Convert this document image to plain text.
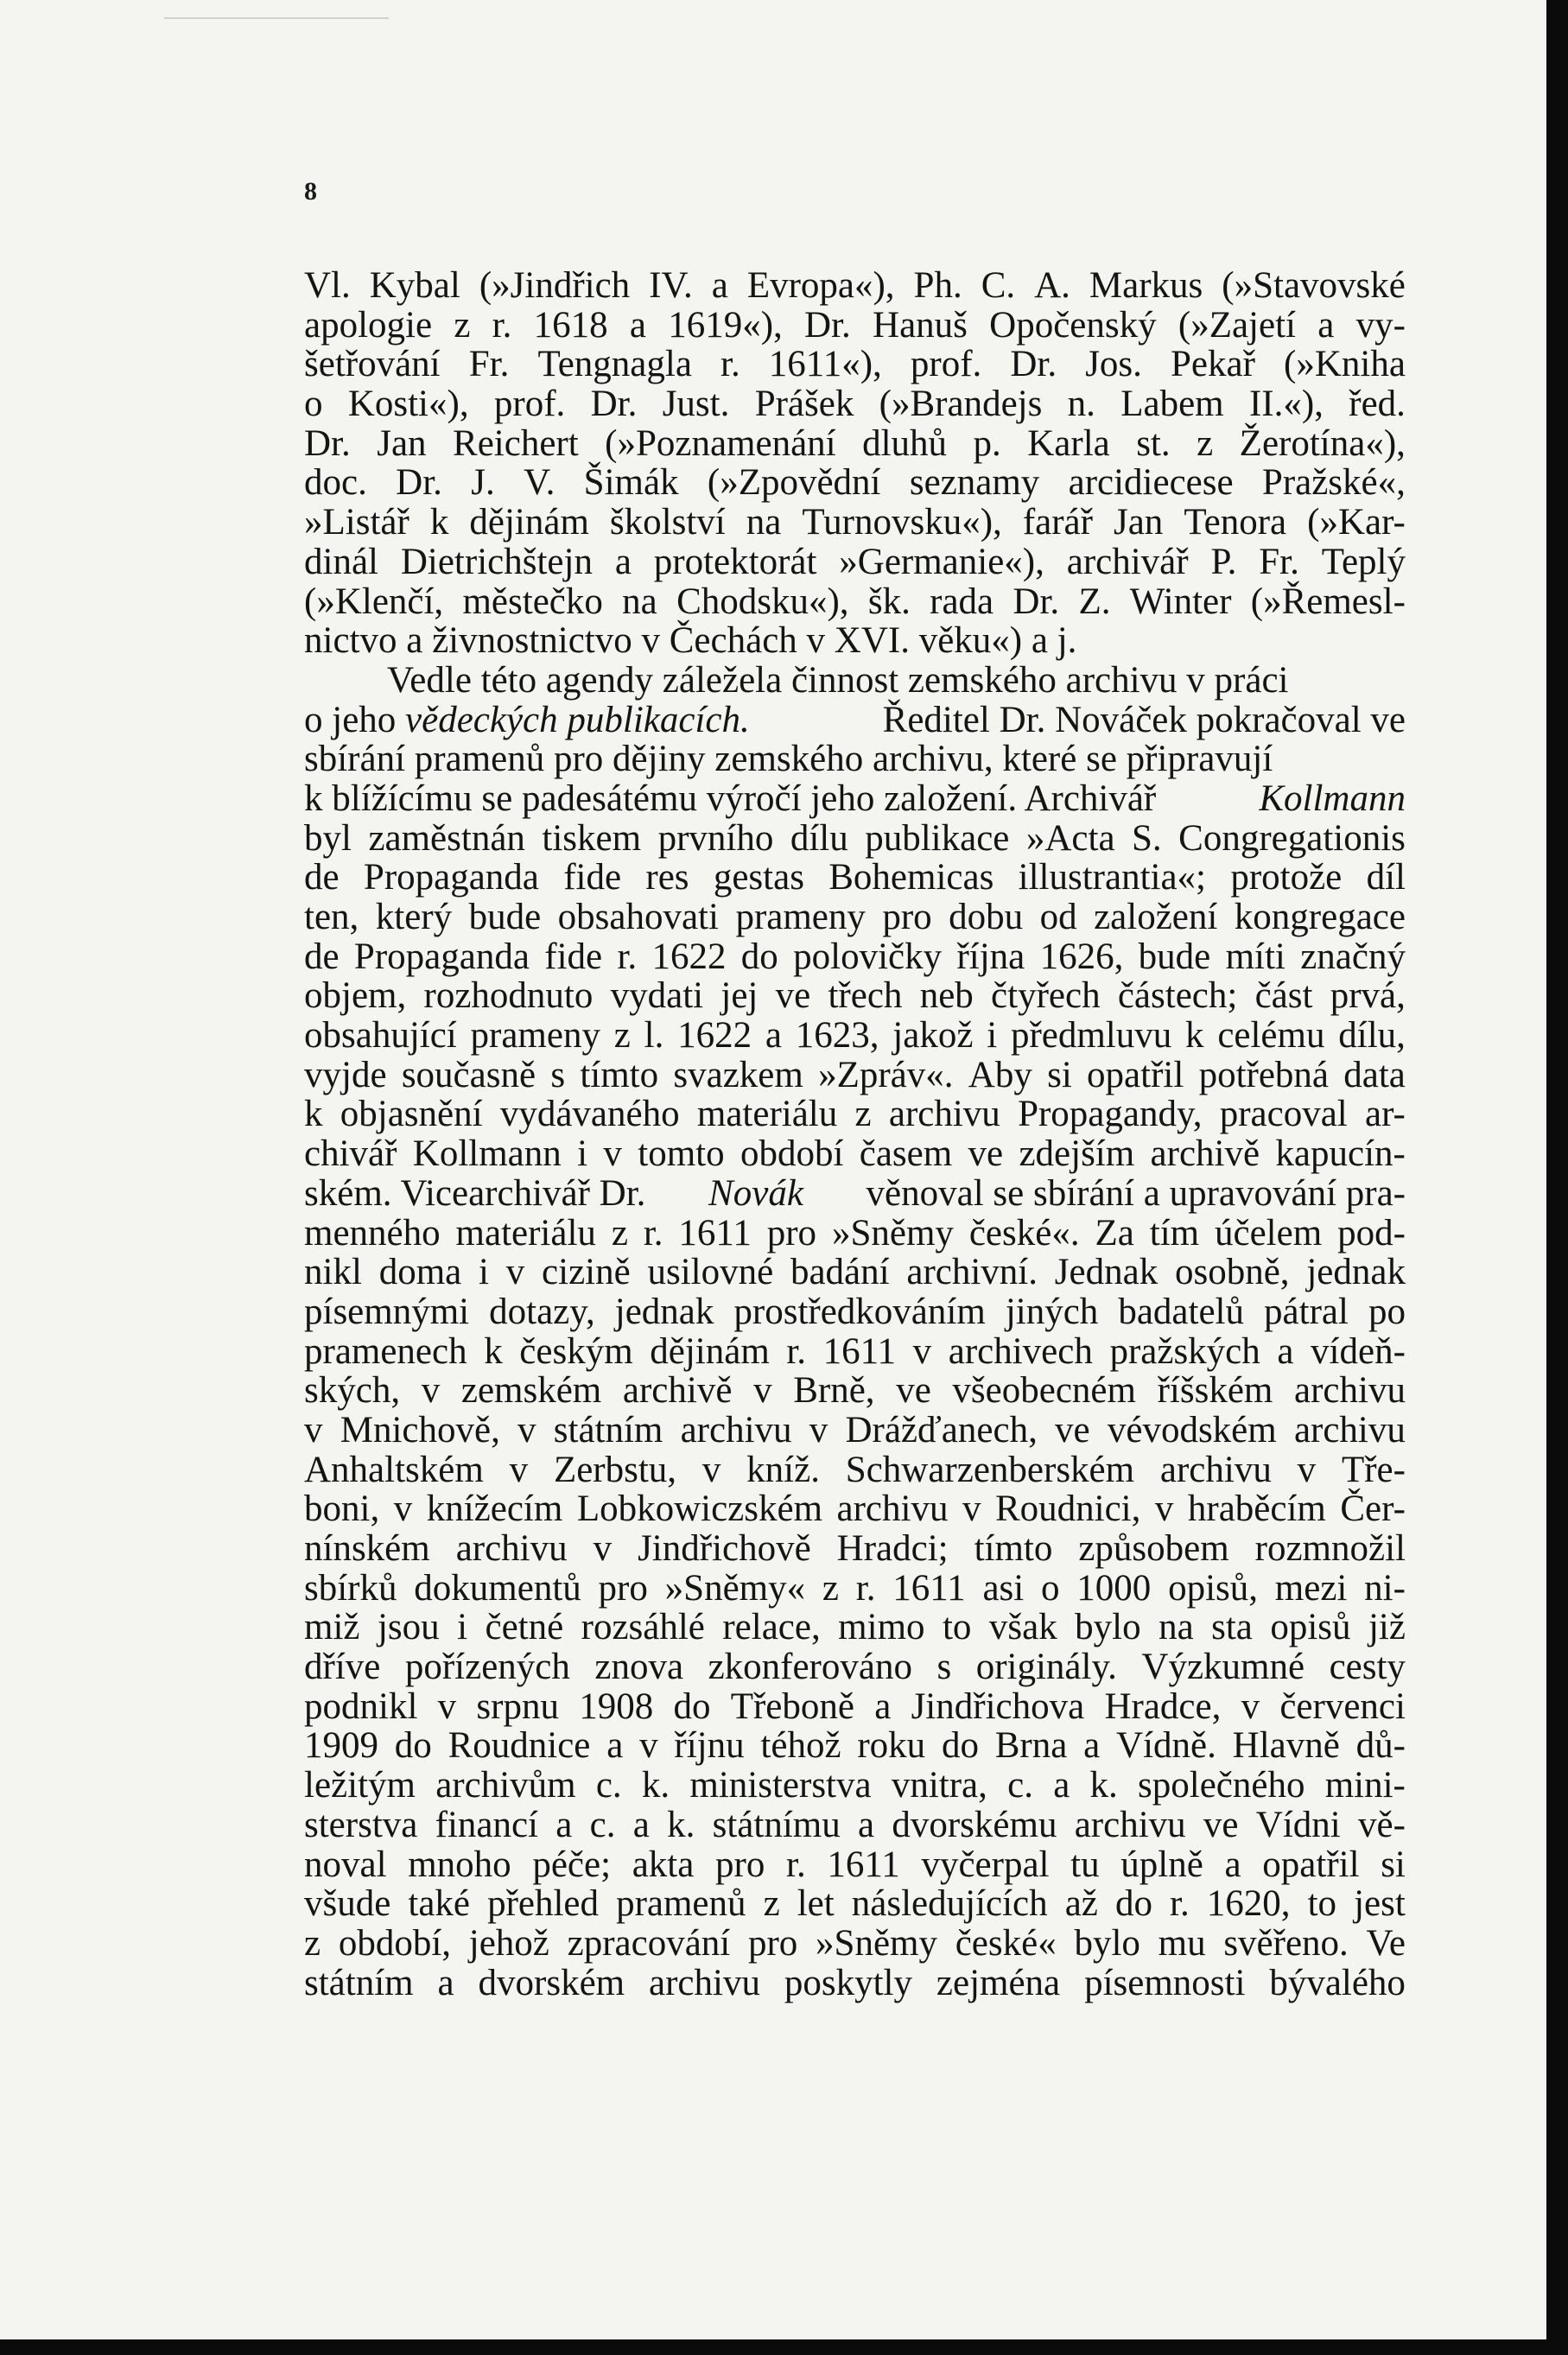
8
Vl. Kybal (»Jindřich IV. a Evropa«), Ph. C. A. Markus (»Stavovské
apologie z r. 1618 a 1619«), Dr. Hanuš Opočenský (»Zajetí a vy-
šetřování Fr. Tengnagla r. 1611«), prof. Dr. Jos. Pekař (»Kniha
o Kosti«), prof. Dr. Just. Prášek (»Brandejs n. Labem II.«), řed.
Dr. Jan Reichert (»Poznamenání dluhů p. Karla st. z Žerotína«),
doc. Dr. J. V. Šimák (»Zpovědní seznamy arcidiecese Pražské«,
»Listář k dějinám školství na Turnovsku«), farář Jan Tenora (»Kar-
dinál Dietrichštejn a protektorát »Germanie«), archivář P. Fr. Teplý
(»Klenčí, městečko na Chodsku«), šk. rada Dr. Z. Winter (»Řemesl-
nictvo a živnostnictvo v Čechách v XVI. věku«) a j.
Vedle této agendy záležela činnost zemského archivu v práci
o jeho vědeckých publikacích.	Ředitel Dr. Nováček pokračoval ve
sbírání pramenů pro dějiny zemského archivu, které se připravují
k blížícímu se padesátému výročí jeho založení. Archivář	Kollmann
byl zaměstnán tiskem prvního dílu publikace »Acta S. Congregationis
de Propaganda fide res gestas Bohemicas illustrantia«; protože díl
ten, který bude obsahovati prameny pro dobu od založení kongregace
de Propaganda fide r. 1622 do polovičky října 1626, bude míti značný
objem, rozhodnuto vydati jej ve třech neb čtyřech částech; část prvá,
obsahující prameny z l. 1622 a 1623, jakož i předmluvu k celému dílu,
vyjde současně s tímto svazkem »Zpráv«. Aby si opatřil potřebná data
k objasnění vydávaného materiálu z archivu Propagandy, pracoval ar-
chivář Kollmann i v tomto období časem ve zdejším archivě kapucín-
ském. Vicearchivář Dr. Novák věnoval se sbírání a upravování pra-
menného materiálu z r. 1611 pro »Sněmy české«. Za tím účelem pod-
nikl doma i v cizině usilovné badání archivní. Jednak osobně, jednak
písemnými dotazy, jednak prostředkováním jiných badatelů pátral po
pramenech k českým dějinám r. 1611 v archivech pražských a vídeň-
ských, v zemském archivě v Brně, ve všeobecném říšském archivu
v Mnichově, v státním archivu v Drážďanech, ve vévodském archivu
Anhaltském v Zerbstu, v kníž. Schwarzenberském archivu v Tře-
boni, v knížecím Lobkowiczském archivu v Roudnici, v hraběcím Čer-
nínském archivu v Jindřichově Hradci; tímto způsobem rozmnožil
sbírků dokumentů pro »Sněmy« z r. 1611 asi o 1000 opisů, mezi ni-
miž jsou i četné rozsáhlé relace, mimo to však bylo na sta opisů již
dříve pořízených znova zkonferováno s originály. Výzkumné cesty
podnikl v srpnu 1908 do Třeboně a Jindřichova Hradce, v červenci
1909 do Roudnice a v říjnu téhož roku do Brna a Vídně. Hlavně dů-
ležitým archivům c. k. ministerstva vnitra, c. a k. společného mini-
sterstva financí a c. a k. státnímu a dvorskému archivu ve Vídni vě-
noval mnoho péče; akta pro r. 1611 vyčerpal tu úplně a opatřil si
všude také přehled pramenů z let následujících až do r. 1620, to jest
z období, jehož zpracování pro »Sněmy české« bylo mu svěřeno. Ve
státním a dvorském archivu poskytly zejména písemnosti bývalého
